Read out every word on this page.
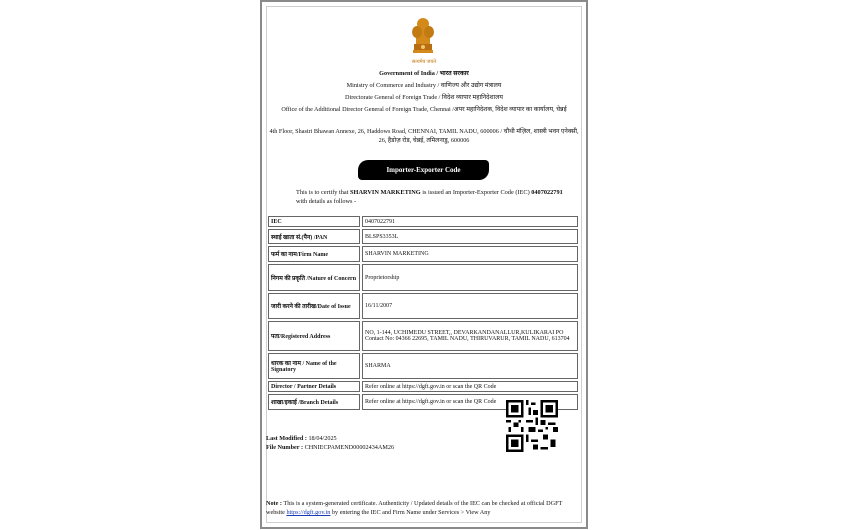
सत्यमेव जयते
Government of India / भारत सरकार
Ministry of Commerce and Industry / वाणिज्य और उद्योग मंत्रालय
Directorate General of Foreign Trade / विदेश व्यापार महानिदेशालय
Office of the Additional Director General of Foreign Trade, Chennai /अपर महानिदेशक, विदेश व्यापार का कार्यालय, चेन्नई
4th Floor, Shastri Bhawan Annexe, 26, Haddows Road, CHENNAI, TAMIL NADU, 600006 / चौथी मंज़िल, शास्त्री भवन एनेक्सी, 26, हैडोज़ रोड, चेन्नई, तमिलनाडु, 600006
Importer-Exporter Code
This is to certify that SHARVIN MARKETING is issued an Importer-Exporter Code (IEC) 0407022791 with details as follows -
IEC	0407022791
स्थाई खाता सं.(पैन) /PAN	BLSPS3353L
फर्म का नाम/Firm Name	SHARVIN MARKETING
निगम की प्रकृति /Nature of Concern	Proprietorship
जारी करने की तारीख/Date of Issue	16/11/2007
पता/Registered Address	NO, 1-144, UCHIMEDU STREET,, DEVARKANDANALLUR,KULIKARAI PO Contact No: 04366 22695, TAMIL NADU, THIRUVARUR, TAMIL NADU, 613704
धारक का नाम / Name of the Signatory	SHARMA
Director / Partner Details	Refer online at https://dgft.gov.in or scan the QR Code
शाखा/इकाई /Branch Details	Refer online at https://dgft.gov.in or scan the QR Code
Last Modified : 18/04/2025
File Number : CHNIECPAMEND00002434AM26
Note : This is a system-generated certificate. Authenticity / Updated details of the IEC can be checked at official DGFT website https://dgft.gov.in by entering the IEC and Firm Name under Services > View Any
